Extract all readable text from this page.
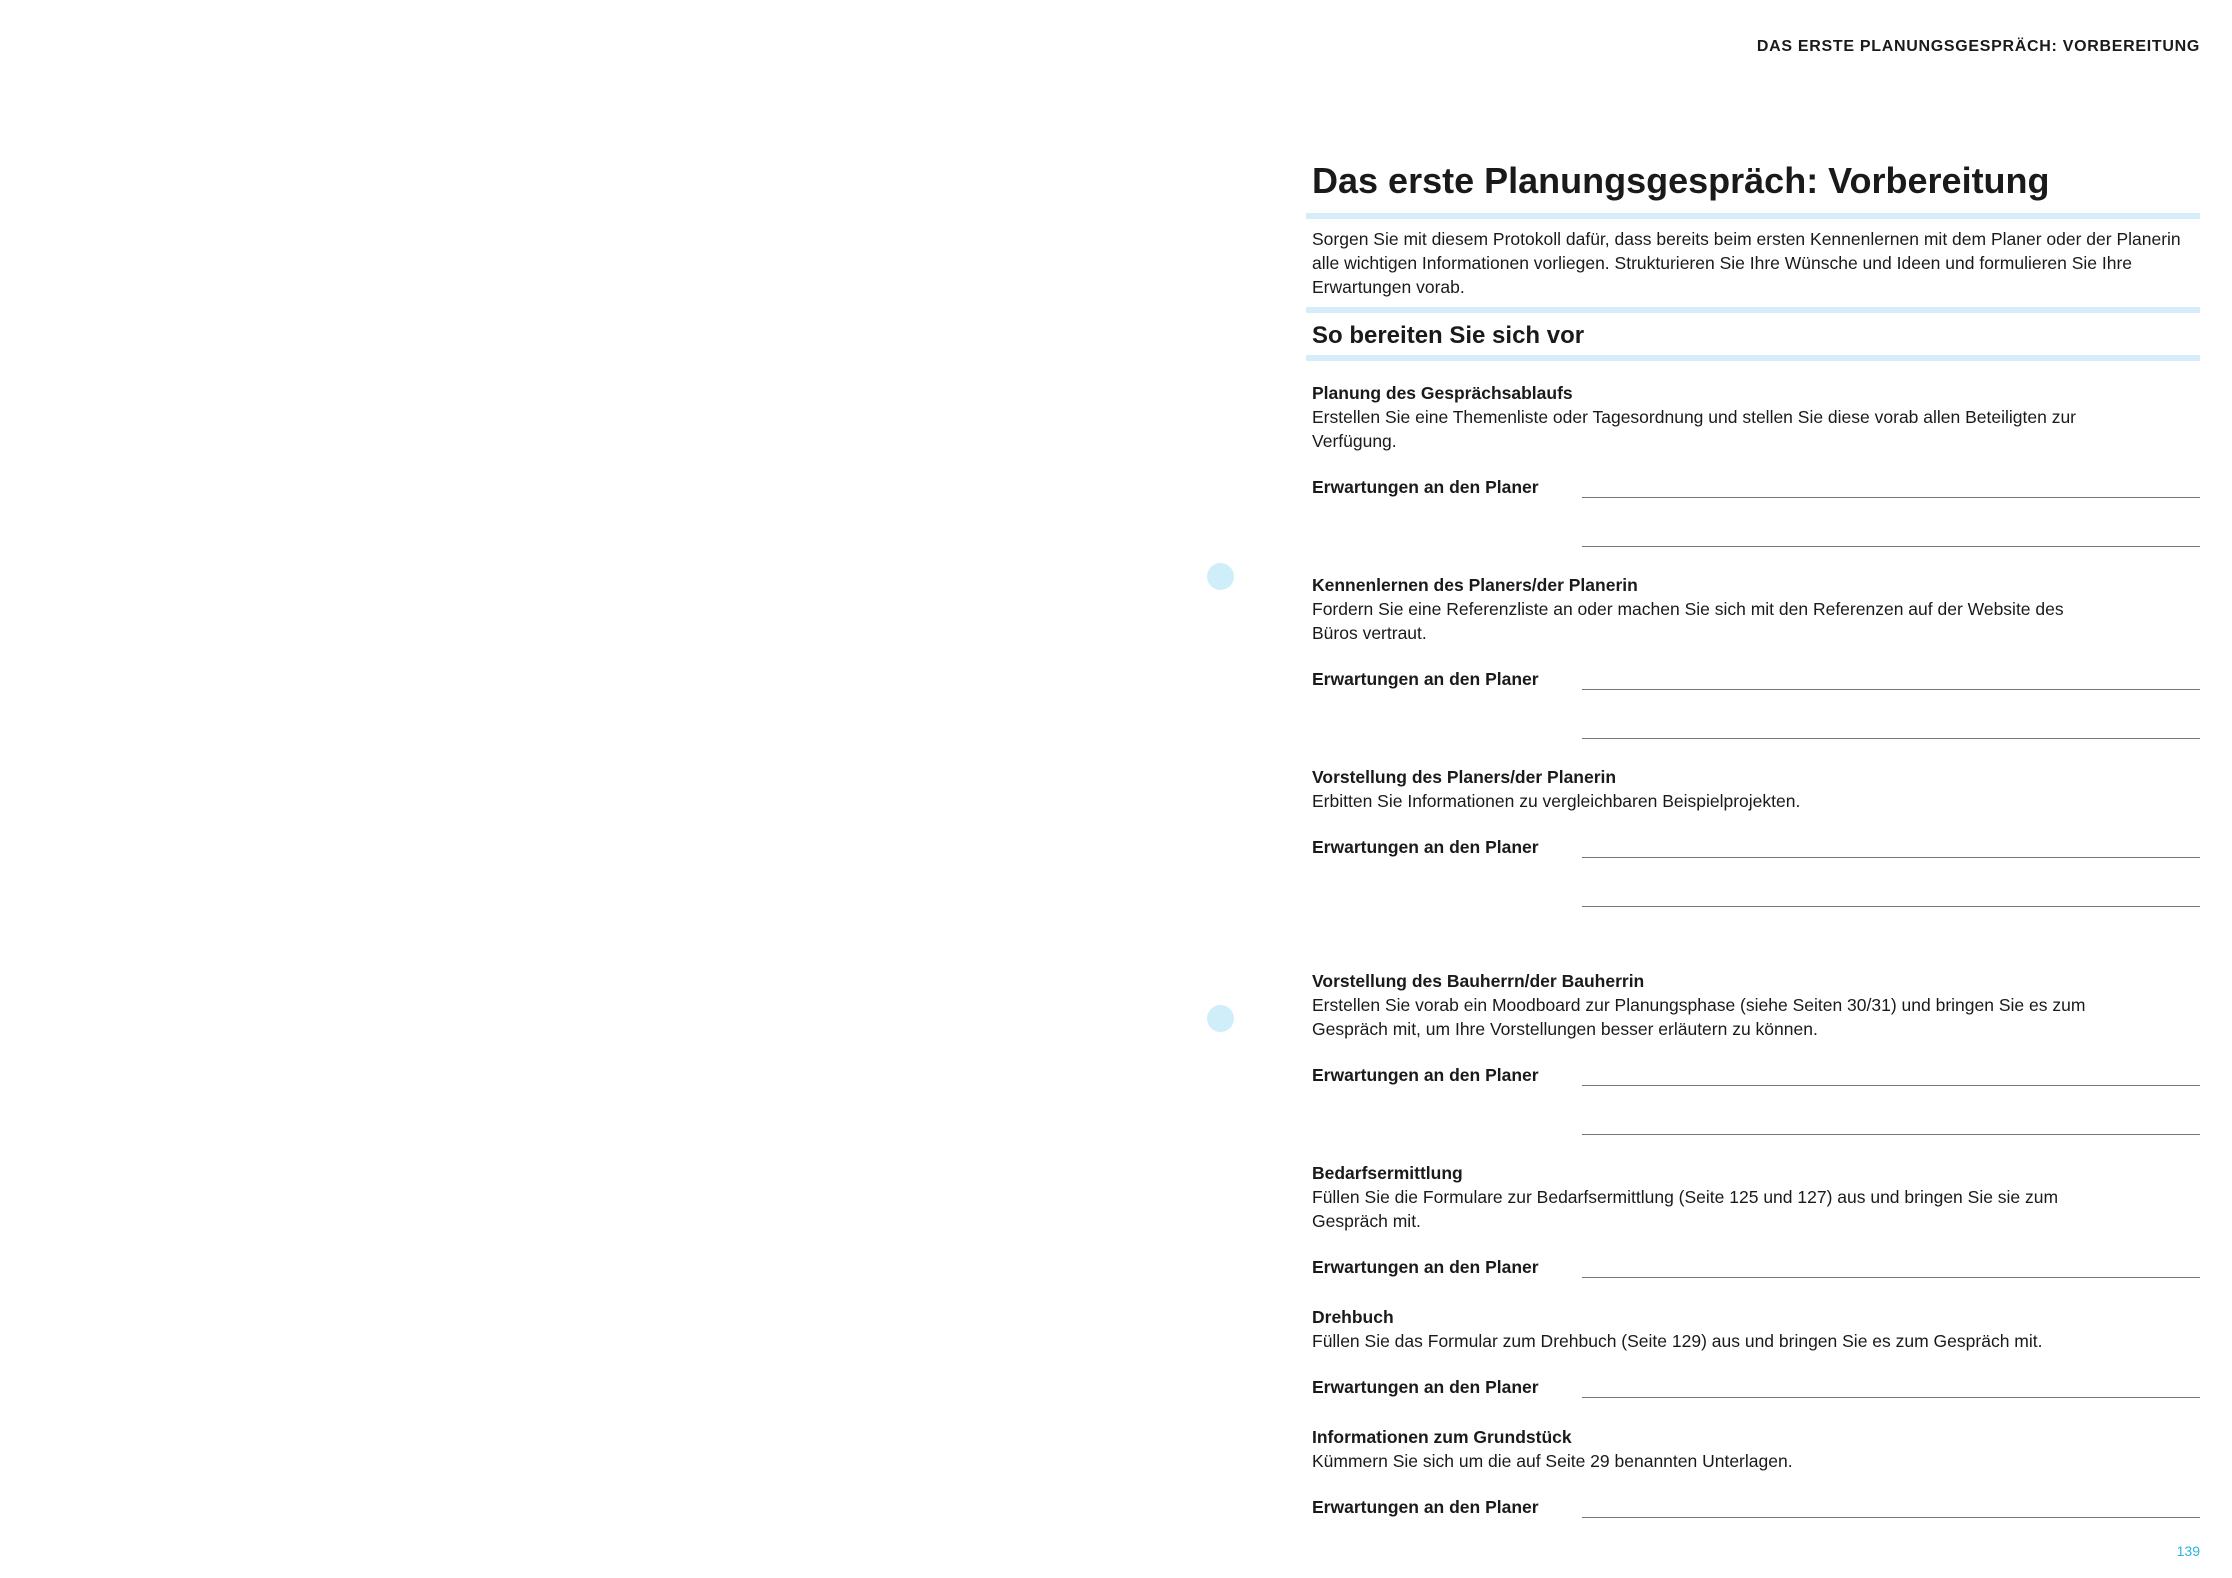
DAS ERSTE PLANUNGSGESPRÄCH: VORBEREITUNG
Das erste Planungsgespräch: Vorbereitung
Sorgen Sie mit diesem Protokoll dafür, dass bereits beim ersten Kennenlernen mit dem Planer oder der Planerin alle wichtigen Informationen vorliegen. Strukturieren Sie Ihre Wünsche und Ideen und formulieren Sie Ihre Erwartungen vorab.
So bereiten Sie sich vor
Planung des Gesprächsablaufs
Erstellen Sie eine Themenliste oder Tagesordnung und stellen Sie diese vorab allen Beteiligten zur Verfügung.
Erwartungen an den Planer
Kennenlernen des Planers/der Planerin
Fordern Sie eine Referenzliste an oder machen Sie sich mit den Referenzen auf der Website des Büros vertraut.
Erwartungen an den Planer
Vorstellung des Planers/der Planerin
Erbitten Sie Informationen zu vergleichbaren Beispielprojekten.
Erwartungen an den Planer
Vorstellung des Bauherrn/der Bauherrin
Erstellen Sie vorab ein Moodboard zur Planungsphase (siehe Seiten 30/31) und bringen Sie es zum Gespräch mit, um Ihre Vorstellungen besser erläutern zu können.
Erwartungen an den Planer
Bedarfsermittlung
Füllen Sie die Formulare zur Bedarfsermittlung (Seite 125 und 127) aus und bringen Sie sie zum Gespräch mit.
Erwartungen an den Planer
Drehbuch
Füllen Sie das Formular zum Drehbuch (Seite 129) aus und bringen Sie es zum Gespräch mit.
Erwartungen an den Planer
Informationen zum Grundstück
Kümmern Sie sich um die auf Seite 29 benannten Unterlagen.
Erwartungen an den Planer
139
